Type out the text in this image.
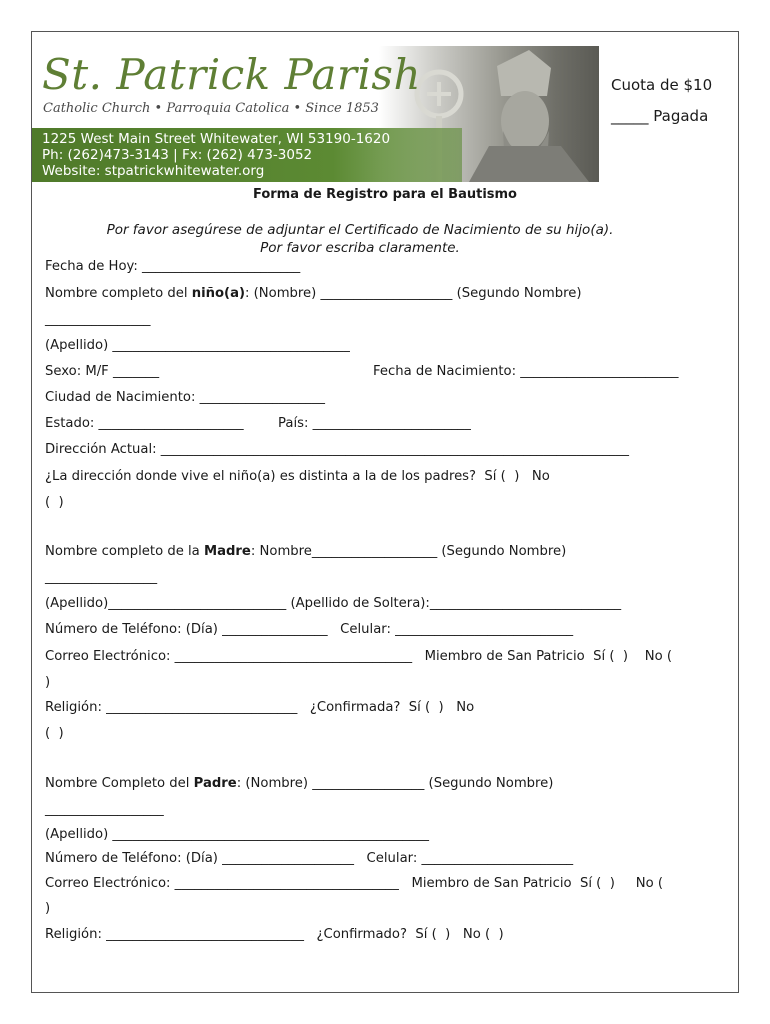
St. Patrick Parish
Catholic Church • Parroquia Catolica • Since 1853
1225 West Main Street Whitewater, WI 53190-1620
Ph: (262)473-3143 | Fx: (262) 473-3052
Website: stpatrickwhitewater.org
Cuota de $10
_____ Pagada
Forma de Registro para el Bautismo
Por favor asegúrese de adjuntar el Certificado de Nacimiento de su hijo(a).
Por favor escriba claramente.
Fecha de Hoy: ________________________
Nombre completo del niño(a): (Nombre) ____________________ (Segundo Nombre)
________________
(Apellido) ____________________________________
Sexo: M/F _______	Fecha de Nacimiento: ________________________
Ciudad de Nacimiento: ___________________
Estado: ______________________	País: ________________________
Dirección Actual: _______________________________________________________________________
¿La dirección donde vive el niño(a) es distinta a la de los padres?  Sí (  )   No
(  )
Nombre completo de la Madre: Nombre___________________ (Segundo Nombre)
_________________
(Apellido)___________________________ (Apellido de Soltera):_____________________________
Número de Teléfono: (Día) ________________   Celular: ___________________________
Correo Electrónico: ____________________________________   Miembro de San Patricio  Sí (  )    No (
)
Religión: _____________________________   ¿Confirmada?  Sí (  )   No
(  )
Nombre Completo del Padre: (Nombre) _________________ (Segundo Nombre)
__________________
(Apellido) ________________________________________________
Número de Teléfono: (Día) ____________________   Celular: _______________________
Correo Electrónico: __________________________________   Miembro de San Patricio  Sí (  )     No (
)
Religión: ______________________________   ¿Confirmado?  Sí (  )   No (  )
